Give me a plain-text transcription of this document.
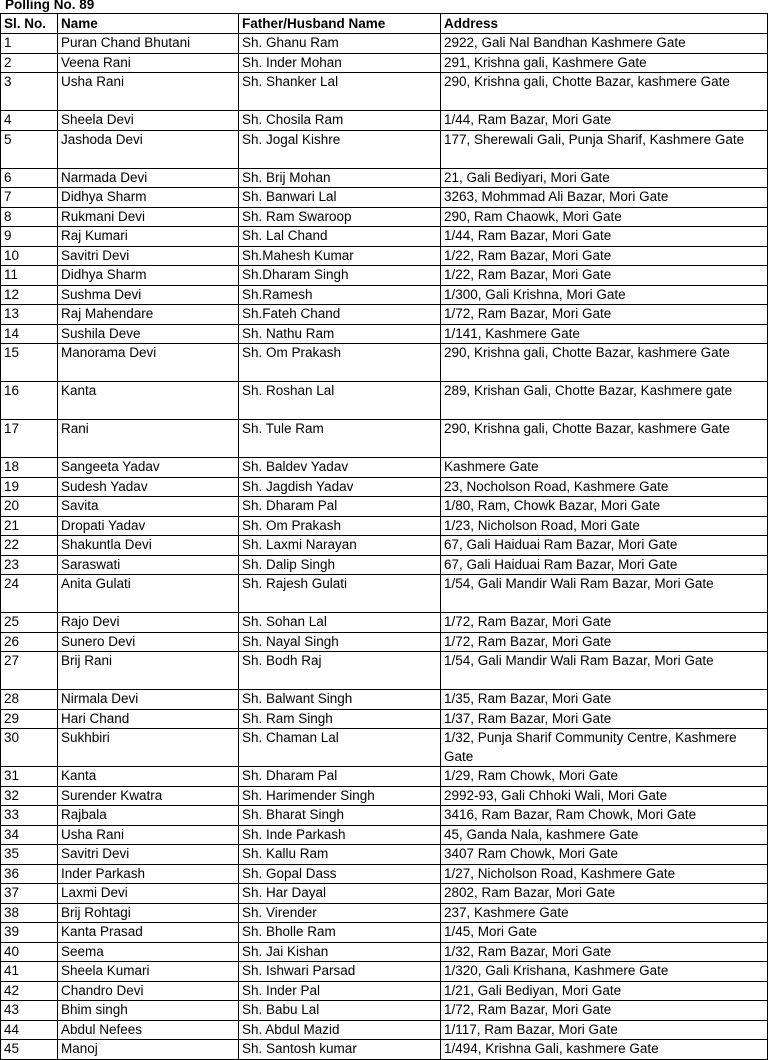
Polling No. 89
Sl. No.	Name	Father/Husband Name	Address
1	Puran Chand Bhutani	Sh. Ghanu Ram	2922, Gali Nal Bandhan Kashmere Gate
2	Veena Rani	Sh. Inder Mohan	291, Krishna gali, Kashmere Gate
3	Usha Rani	Sh. Shanker Lal	290, Krishna gali, Chotte Bazar, kashmere Gate
4	Sheela Devi	Sh. Chosila Ram	1/44, Ram Bazar, Mori Gate
5	Jashoda Devi	Sh. Jogal Kishre	177, Sherewali Gali, Punja Sharif, Kashmere Gate
6	Narmada Devi	Sh. Brij Mohan	21, Gali Bediyari, Mori Gate
7	Didhya Sharm	Sh. Banwari Lal	3263, Mohmmad Ali Bazar, Mori Gate
8	Rukmani Devi	Sh. Ram Swaroop	290, Ram Chaowk, Mori Gate
9	Raj Kumari	Sh. Lal Chand	1/44, Ram Bazar, Mori Gate
10	Savitri Devi	Sh.Mahesh Kumar	1/22, Ram Bazar, Mori Gate
11	Didhya Sharm	Sh.Dharam Singh	1/22, Ram Bazar, Mori Gate
12	Sushma Devi	Sh.Ramesh	1/300, Gali Krishna, Mori Gate
13	Raj Mahendare	Sh.Fateh Chand	1/72, Ram Bazar, Mori Gate
14	Sushila Deve	Sh. Nathu Ram	1/141, Kashmere Gate
15	Manorama Devi	Sh. Om Prakash	290, Krishna gali, Chotte Bazar, kashmere Gate
16	Kanta	Sh. Roshan Lal	289, Krishan Gali, Chotte Bazar, Kashmere gate
17	Rani	Sh. Tule Ram	290, Krishna gali, Chotte Bazar, kashmere Gate
18	Sangeeta Yadav	Sh. Baldev Yadav	Kashmere Gate
19	Sudesh Yadav	Sh. Jagdish Yadav	23, Nocholson Road, Kashmere Gate
20	Savita	Sh. Dharam Pal	1/80, Ram, Chowk Bazar, Mori Gate
21	Dropati Yadav	Sh. Om Prakash	1/23, Nicholson Road, Mori Gate
22	Shakuntla Devi	Sh. Laxmi Narayan	67, Gali Haiduai Ram Bazar, Mori Gate
23	Saraswati	Sh. Dalip Singh	67, Gali Haiduai Ram Bazar, Mori Gate
24	Anita Gulati	Sh. Rajesh Gulati	1/54, Gali Mandir Wali Ram Bazar, Mori Gate
25	Rajo Devi	Sh. Sohan Lal	1/72, Ram Bazar, Mori Gate
26	Sunero Devi	Sh. Nayal Singh	1/72, Ram Bazar, Mori Gate
27	Brij Rani	Sh. Bodh Raj	1/54, Gali Mandir Wali Ram Bazar, Mori Gate
28	Nirmala Devi	Sh. Balwant Singh	1/35, Ram Bazar, Mori Gate
29	Hari Chand	Sh. Ram Singh	1/37, Ram Bazar, Mori Gate
30	Sukhbiri	Sh. Chaman Lal	1/32, Punja Sharif Community Centre, Kashmere Gate
31	Kanta	Sh. Dharam Pal	1/29, Ram Chowk, Mori Gate
32	Surender Kwatra	Sh. Harimender Singh	2992-93, Gali Chhoki Wali, Mori Gate
33	Rajbala	Sh. Bharat Singh	3416, Ram Bazar, Ram Chowk, Mori Gate
34	Usha Rani	Sh. Inde Parkash	45, Ganda Nala, kashmere Gate
35	Savitri Devi	Sh. Kallu Ram	3407 Ram Chowk, Mori Gate
36	Inder Parkash	Sh. Gopal Dass	1/27, Nicholson Road, Kashmere Gate
37	Laxmi Devi	Sh. Har Dayal	2802, Ram Bazar, Mori Gate
38	Brij Rohtagi	Sh. Virender	237, Kashmere Gate
39	Kanta Prasad	Sh. Bholle Ram	1/45, Mori Gate
40	Seema	Sh. Jai Kishan	1/32, Ram Bazar, Mori Gate
41	Sheela Kumari	Sh. Ishwari Parsad	1/320, Gali Krishana, Kashmere Gate
42	Chandro Devi	Sh. Inder Pal	1/21, Gali Bediyan, Mori Gate
43	Bhim singh	Sh. Babu Lal	1/72, Ram Bazar, Mori Gate
44	Abdul Nefees	Sh. Abdul Mazid	1/117, Ram Bazar, Mori Gate
45	Manoj	Sh. Santosh kumar	1/494, Krishna Gali, kashmere Gate
